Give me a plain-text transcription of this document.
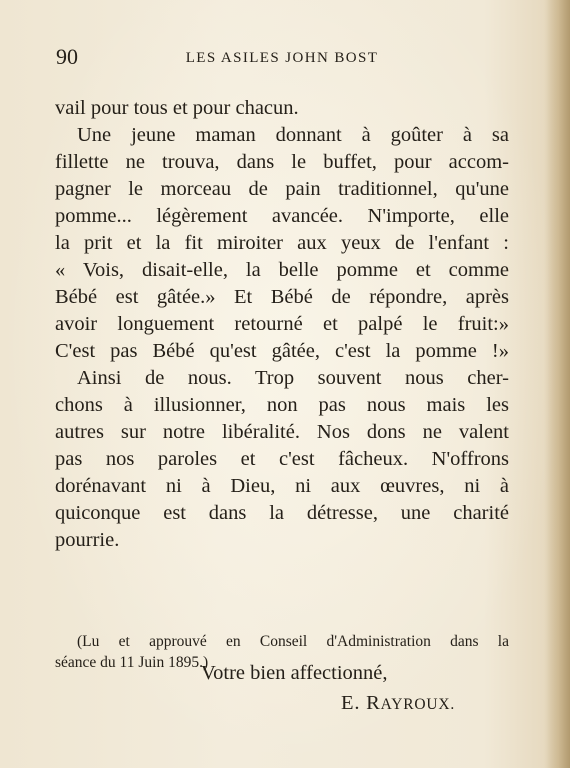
90	LES ASILES JOHN BOST
vail pour tous et pour chacun.
Une jeune maman donnant à goûter à sa
fillette ne trouva, dans le buffet, pour accom-
pagner le morceau de pain traditionnel, qu'une
pomme... légèrement avancée. N'importe, elle
la prit et la fit miroiter aux yeux de l'enfant :
« Vois, disait-elle, la belle pomme et comme
Bébé est gâtée.» Et Bébé de répondre, après
avoir longuement retourné et palpé le fruit:»
C'est pas Bébé qu'est gâtée, c'est la pomme !»
Ainsi de nous. Trop souvent nous cher-
chons à illusionner, non pas nous mais les
autres sur notre libéralité. Nos dons ne valent
pas nos paroles et c'est fâcheux. N'offrons
dorénavant ni à Dieu, ni aux œuvres, ni à
quiconque est dans la détresse, une charité
pourrie.
Votre bien affectionné,
E. RAYROUX.
(Lu et approuvé en Conseil d'Administration dans la
séance du 11 Juin 1895.)
